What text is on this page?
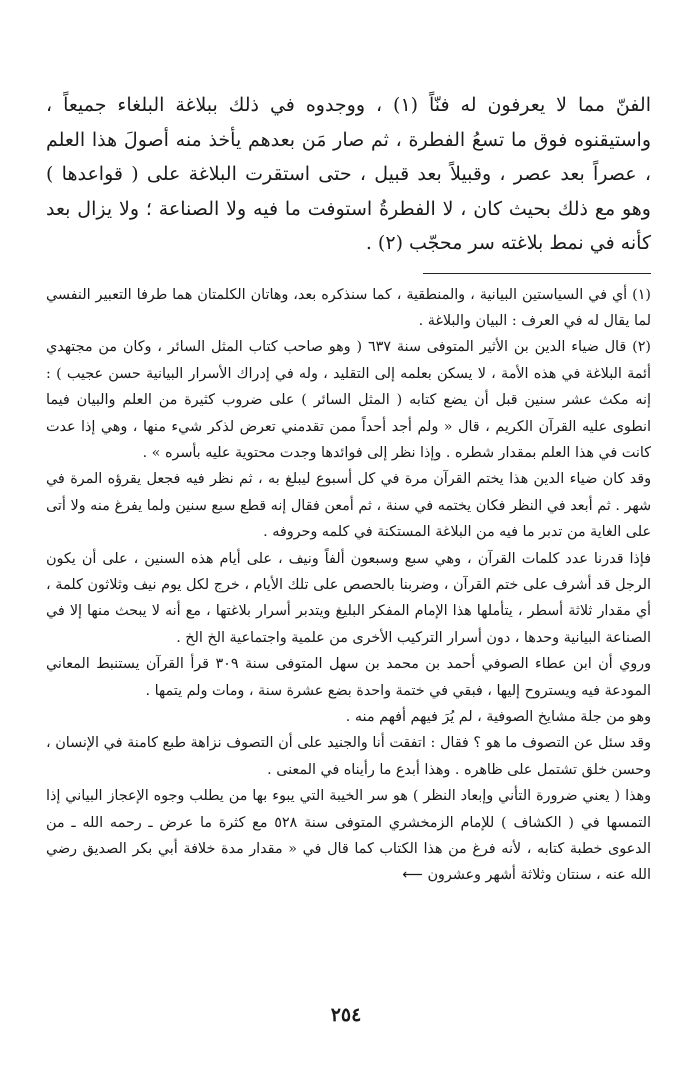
الفنّ مما لا يعرفون له فنّاً (١) ، ووجدوه في ذلك ببلاغة البلغاء جميعاً ، واستيقنوه فوق ما تسعُ الفطرة ، ثم صار مَن بعدهم يأخذ منه أصولَ هذا العلم ، عصراً بعد عصر ، وقبيلاً بعد قبيل ، حتى استقرت البلاغة على ( قواعدها ) وهو مع ذلك بحيث كان ، لا الفطرةُ استوفت ما فيه ولا الصناعة ؛ ولا يزال بعد كأنه في نمط بلاغته سر محجّب (٢) .

(١) أي في السياستين البيانية ، والمنطقية ، كما سنذكره بعد، وهاتان الكلمتان هما طرفا التعبير النفسي لما يقال له في العرف : البيان والبلاغة .

(٢) قال ضياء الدين بن الأثير المتوفى سنة ٦٣٧ ( وهو صاحب كتاب المثل السائر ، وكان من مجتهدي أئمة البلاغة في هذه الأمة ، لا يسكن بعلمه إلى التقليد ، وله في إدراك الأسرار البيانية حسن عجيب ) : إنه مكث عشر سنين قبل أن يضع كتابه ( المثل السائر ) على ضروب كثيرة من العلم والبيان فيما انطوى عليه القرآن الكريم ، قال « ولم أجد أحداً ممن تقدمني تعرض لذكر شيء منها ، وهي إذا عدت كانت في هذا العلم بمقدار شطره . وإذا نظر إلى فوائدها وجدت محتوية عليه بأسره » .

وقد كان ضياء الدين هذا يختم القرآن مرة في كل أسبوع ليبلغ به ، ثم نظر فيه فجعل يقرؤه المرة في شهر . ثم أبعد في النظر فكان يختمه في سنة ، ثم أمعن فقال إنه قطع سبع سنين ولما يفرغ منه ولا أتى على الغاية من تدبر ما فيه من البلاغة المستكنة في كلمه وحروفه .

فإذا قدرنا عدد كلمات القرآن ، وهي سبع وسبعون ألفاً ونيف ، على أيام هذه السنين ، على أن يكون الرجل قد أشرف على ختم القرآن ، وضربنا بالحصص على تلك الأيام ، خرج لكل يوم نيف وثلاثون كلمة ، أي مقدار ثلاثة أسطر ، يتأملها هذا الإمام المفكر البليغ ويتدبر أسرار بلاغتها ، مع أنه لا يبحث منها إلا في الصناعة البيانية وحدها ، دون أسرار التركيب الأخرى من علمية واجتماعية الخ الخ .

وروي أن ابن عطاء الصوفي أحمد بن محمد بن سهل المتوفى سنة ٣٠٩ قرأ القرآن يستنبط المعاني المودعة فيه ويستروح إليها ، فبقي في ختمة واحدة بضع عشرة سنة ، ومات ولم يتمها .

وهو من جلة مشايخ الصوفية ، لم يُرَ فيهم أفهم منه .

وقد سئل عن التصوف ما هو ؟ فقال : اتفقت أنا والجنيد على أن التصوف نزاهة طبع كامنة في الإنسان ، وحسن خلق تشتمل على ظاهره . وهذا أبدع ما رأيناه في المعنى .

وهذا ( يعني ضرورة التأني وإبعاد النظر ) هو سر الخيبة التي يبوء بها من يطلب وجوه الإعجاز البياني إذا التمسها في ( الكشاف ) للإمام الزمخشري المتوفى سنة ٥٢٨ مع كثرة ما عرض ـ رحمه الله ـ من الدعوى خطبة كتابه ، لأنه فرغ من هذا الكتاب كما قال في « مقدار مدة خلافة أبي بكر الصديق رضي الله عنه ، سنتان وثلاثة أشهر وعشرون ⟵

٢٥٤
